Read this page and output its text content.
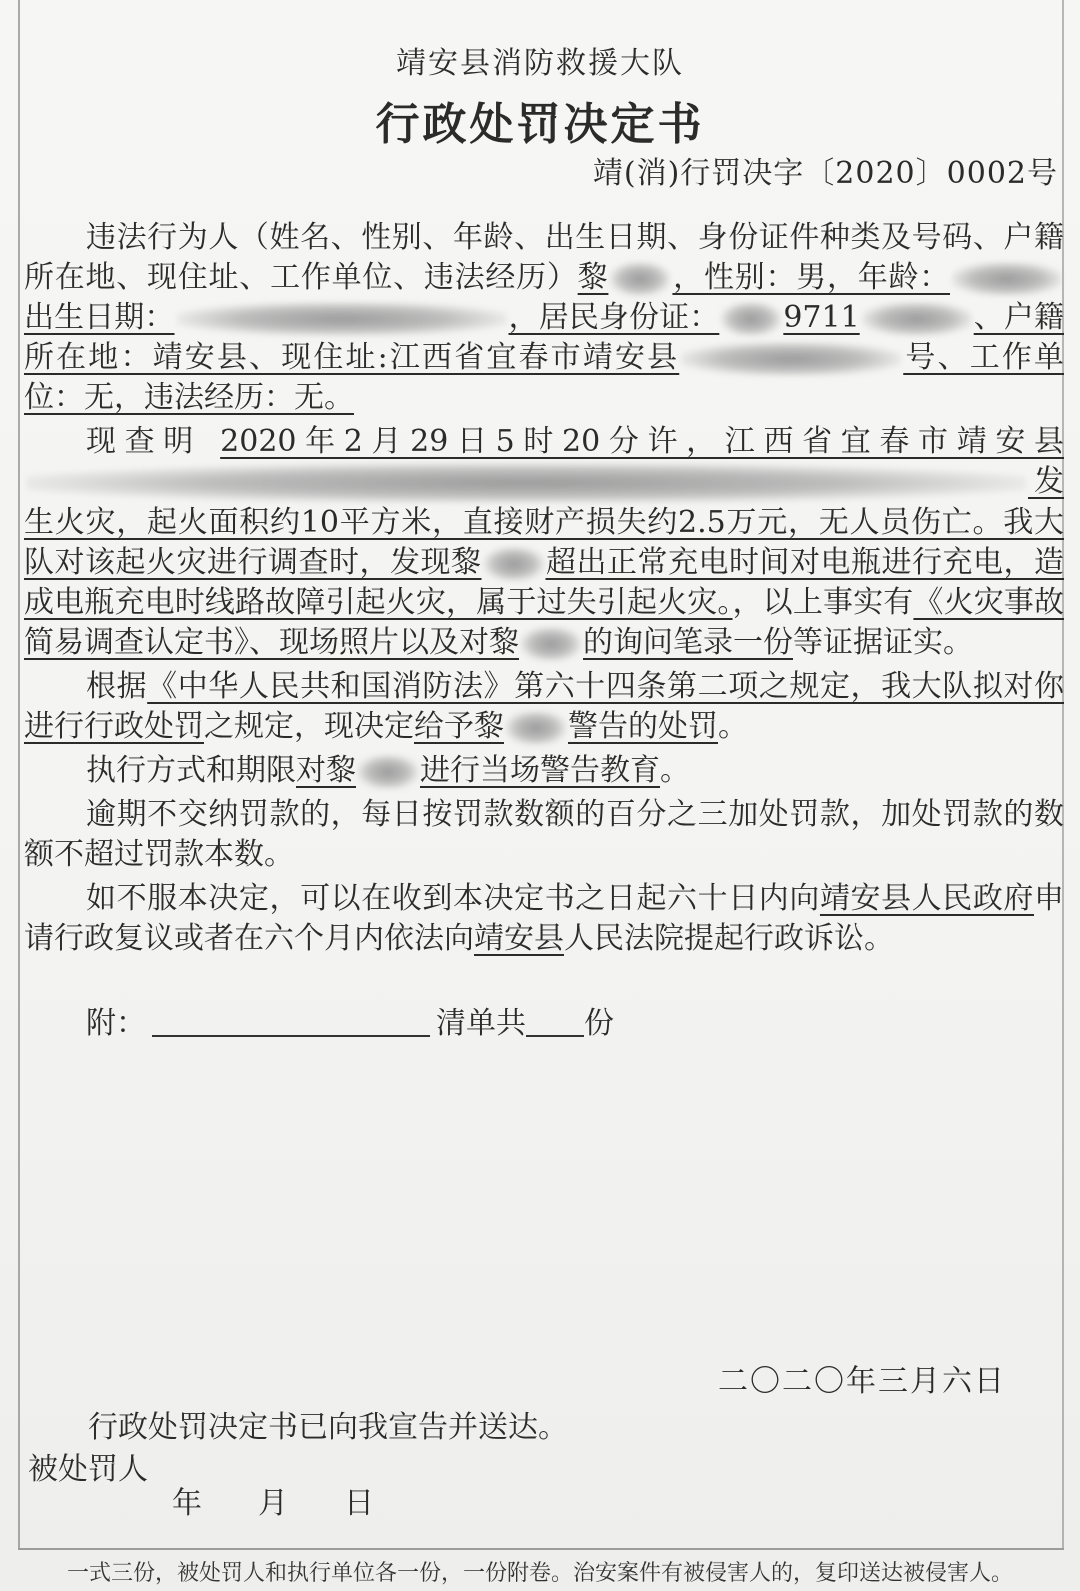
靖安县消防救援大队
行政处罚决定书
靖(消)行罚决字〔2020〕0002号

违法行为人（姓名、性别、年龄、出生日期、身份证件种类及号码、户籍所在地、现住址、工作单位、违法经历）黎 ，性别：男，年龄：出生日期：	，居民身份证： 9711	、户籍所在地：靖安县、现住址:江西省宜春市靖安县	号、工作单位：无，违法经历：无。

现查明 2020年2月29日5时20分许，江西省宜春市靖安县发生火灾，起火面积约10平方米，直接财产损失约2.5万元，无人员伤亡。我大队对该起火灾进行调查时，发现黎 超出正常充电时间对电瓶进行充电，造成电瓶充电时线路故障引起火灾，属于过失引起火灾。，以上事实有《火灾事故简易调查认定书》、现场照片以及对黎 的询问笔录一份等证据证实。

根据《中华人民共和国消防法》第六十四条第二项之规定，我大队拟对你进行行政处罚之规定，现决定给予黎 警告的处罚。

执行方式和期限对黎 进行当场警告教育。

逾期不交纳罚款的，每日按罚款数额的百分之三加处罚款，加处罚款的数额不超过罚款本数。

如不服本决定，可以在收到本决定书之日起六十日内向靖安县人民政府申请行政复议或者在六个月内依法向靖安县人民法院提起行政诉讼。

附：	清单共 份
二〇二〇年三月六日
行政处罚决定书已向我宣告并送达。
被处罚人
年 月 日
一式三份，被处罚人和执行单位各一份，一份附卷。治安案件有被侵害人的，复印送达被侵害人。
